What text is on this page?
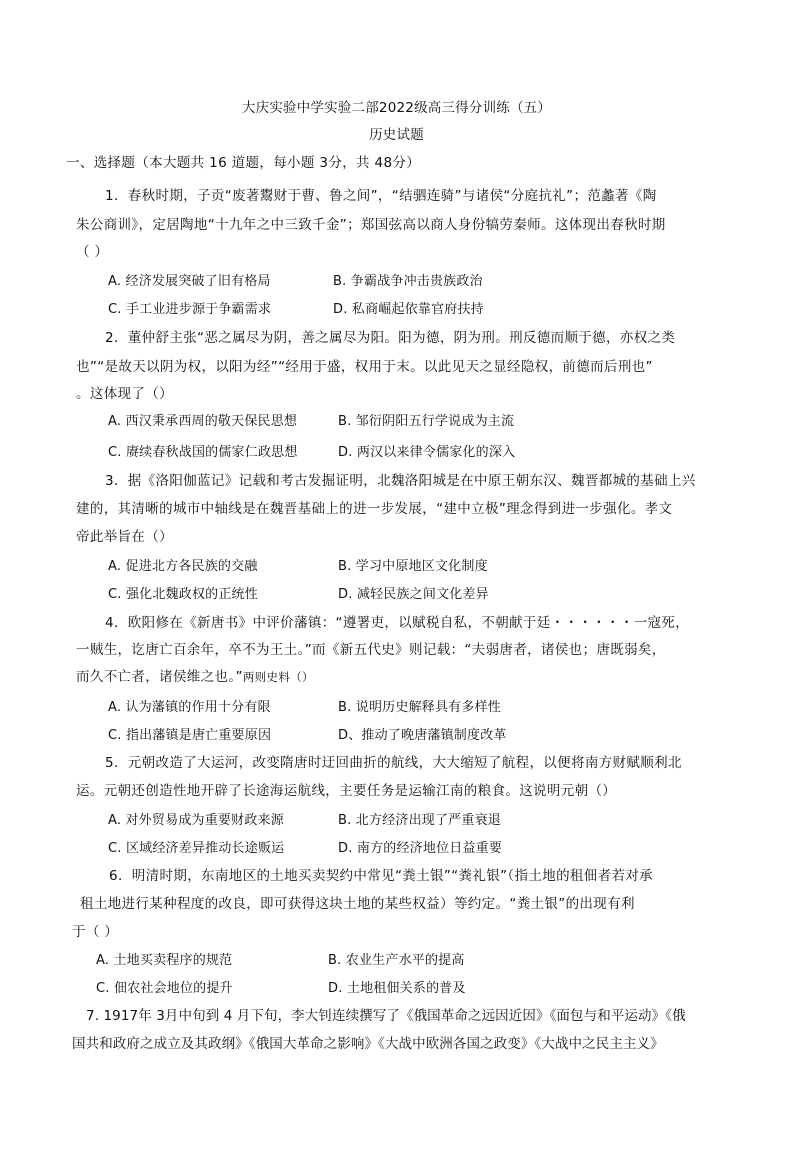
大庆实验中学实验二部2022级高三得分训练（五）
历史试题
一、选择题（本大题共 16 道题，每小题 3分，共 48分）
1．春秋时期，子贡“废著鬻财于曹、鲁之间”，“结驷连骑”与诸侯“分庭抗礼”；范蠡著《陶
朱公商训》，定居陶地“十九年之中三致千金”；郑国弦高以商人身份犒劳秦师。这体现出春秋时期
（ ）
A. 经济发展突破了旧有格局	B. 争霸战争冲击贵族政治
C. 手工业进步源于争霸需求	D. 私商崛起依靠官府扶持
2．董仲舒主张“恶之属尽为阴，善之属尽为阳。阳为德，阴为刑。刑反德而顺于德，亦权之类
也”“是故天以阴为权，以阳为经”“经用于盛，权用于末。以此见天之显经隐权，前德而后刑也”
。这体现了（）
A. 西汉秉承西周的敬天保民思想	B. 邹衍阴阳五行学说成为主流
C. 赓续春秋战国的儒家仁政思想	D. 两汉以来律令儒家化的深入
3．据《洛阳伽蓝记》记载和考古发掘证明，北魏洛阳城是在中原王朝东汉、魏晋都城的基础上兴
建的，其清晰的城市中轴线是在魏晋基础上的进一步发展，“建中立极”理念得到进一步强化。孝文
帝此举旨在（）
A. 促进北方各民族的交融	B. 学习中原地区文化制度
C. 强化北魏政权的正统性	D. 减轻民族之间文化差异
4．欧阳修在《新唐书》中评价藩镇：“遵署吏，以赋税自私，不朝献于廷・・・・・・一寇死，
一贼生，讫唐亡百余年，卒不为王土。”而《新五代史》则记载：“夫弱唐者，诸侯也；唐既弱矣，
而久不亡者，诸侯维之也。”两则史料（）
A. 认为藩镇的作用十分有限	B. 说明历史解释具有多样性
C. 指出藩镇是唐亡重要原因	D、推动了晚唐藩镇制度改革
5．元朝改造了大运河，改变隋唐时迂回曲折的航线，大大缩短了航程，以便将南方财赋顺利北
运。元朝还创造性地开辟了长途海运航线，主要任务是运输江南的粮食。这说明元朝（）
A. 对外贸易成为重要财政来源	B. 北方经济出现了严重衰退
C. 区域经济差异推动长途贩运	D. 南方的经济地位日益重要
6．明清时期，东南地区的土地买卖契约中常见“粪土银”“粪礼银”（指土地的租佃者若对承
租土地进行某种程度的改良，即可获得这块土地的某些权益）等约定。“粪土银”的出现有利
于（ ）
A. 土地买卖程序的规范	B. 农业生产水平的提高
C. 佃农社会地位的提升	D. 土地租佃关系的普及
7. 1917年 3月中旬到 4 月下旬，李大钊连续撰写了《俄国革命之远因近因》《面包与和平运动》《俄
国共和政府之成立及其政纲》《俄国大革命之影响》《大战中欧洲各国之政变》《大战中之民主主义》
